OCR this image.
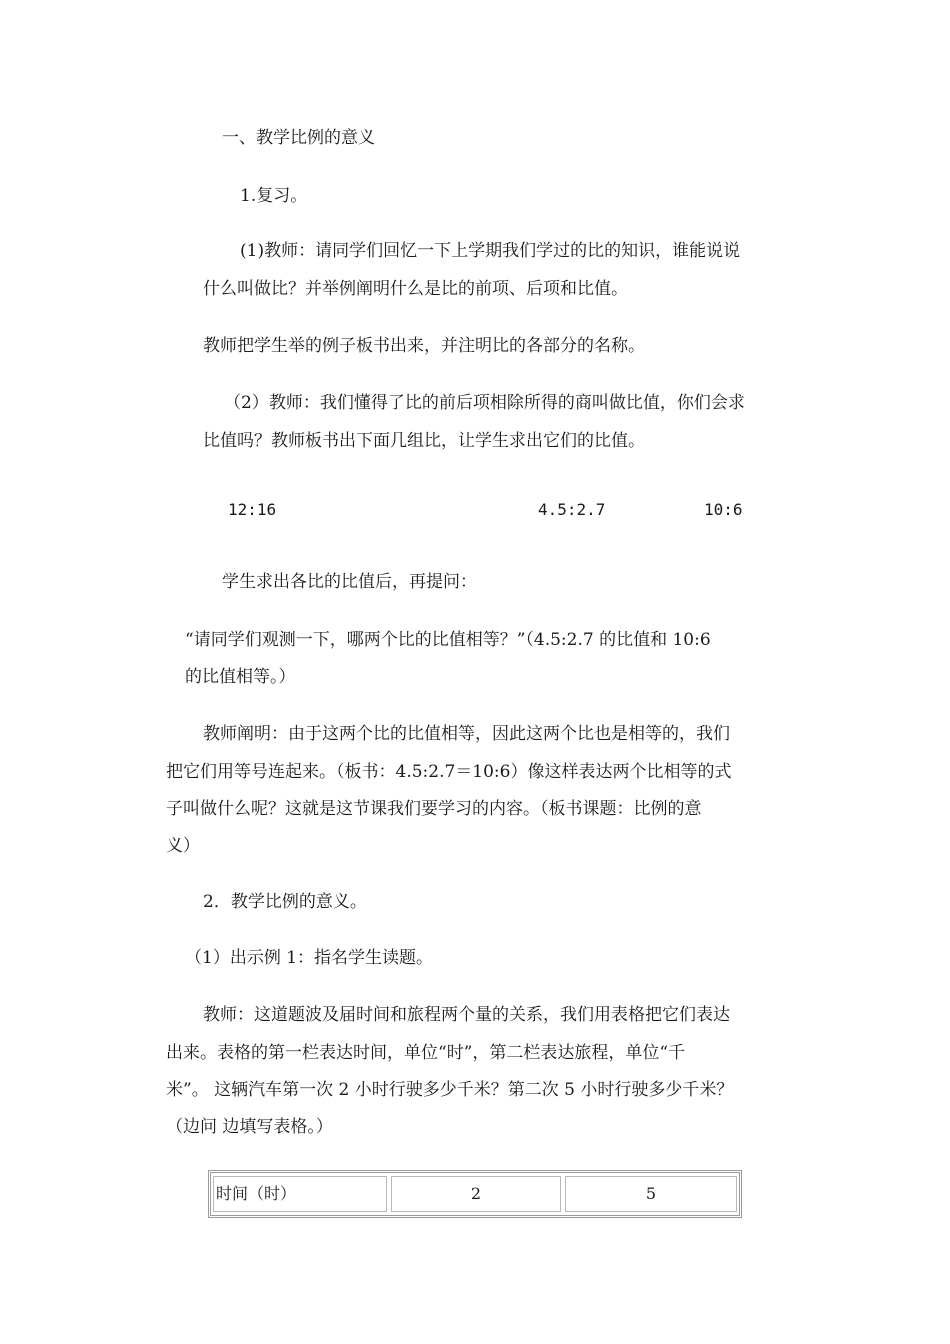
一、教学比例的意义
1.复习。
(1)教师：请同学们回忆一下上学期我们学过的比的知识，谁能说说
什么叫做比？并举例阐明什么是比的前项、后项和比值。
教师把学生举的例子板书出来，并注明比的各部分的名称。
（2）教师：我们懂得了比的前后项相除所得的商叫做比值，你们会求
比值吗？教师板书出下面几组比，让学生求出它们的比值。
12:16	4.5:2.7	10:6
学生求出各比的比值后，再提问：
“请同学们观测一下，哪两个比的比值相等？”（4.5:2.7 的比值和 10:6
的比值相等。）
教师阐明：由于这两个比的比值相等，因此这两个比也是相等的，我们
把它们用等号连起来。（板书：4.5:2.7＝10:6）像这样表达两个比相等的式
子叫做什么呢？这就是这节课我们要学习的内容。（板书课题：比例的意
义）
2．教学比例的意义。
（1）出示例 1：指名学生读题。
教师：这道题波及届时间和旅程两个量的关系，我们用表格把它们表达
出来。表格的第一栏表达时间，单位“时”，第二栏表达旅程，单位“千
米”。 这辆汽车第一次 2 小时行驶多少千米？第二次 5 小时行驶多少千米？
（边问 边填写表格。）
时间（时）	2	5
